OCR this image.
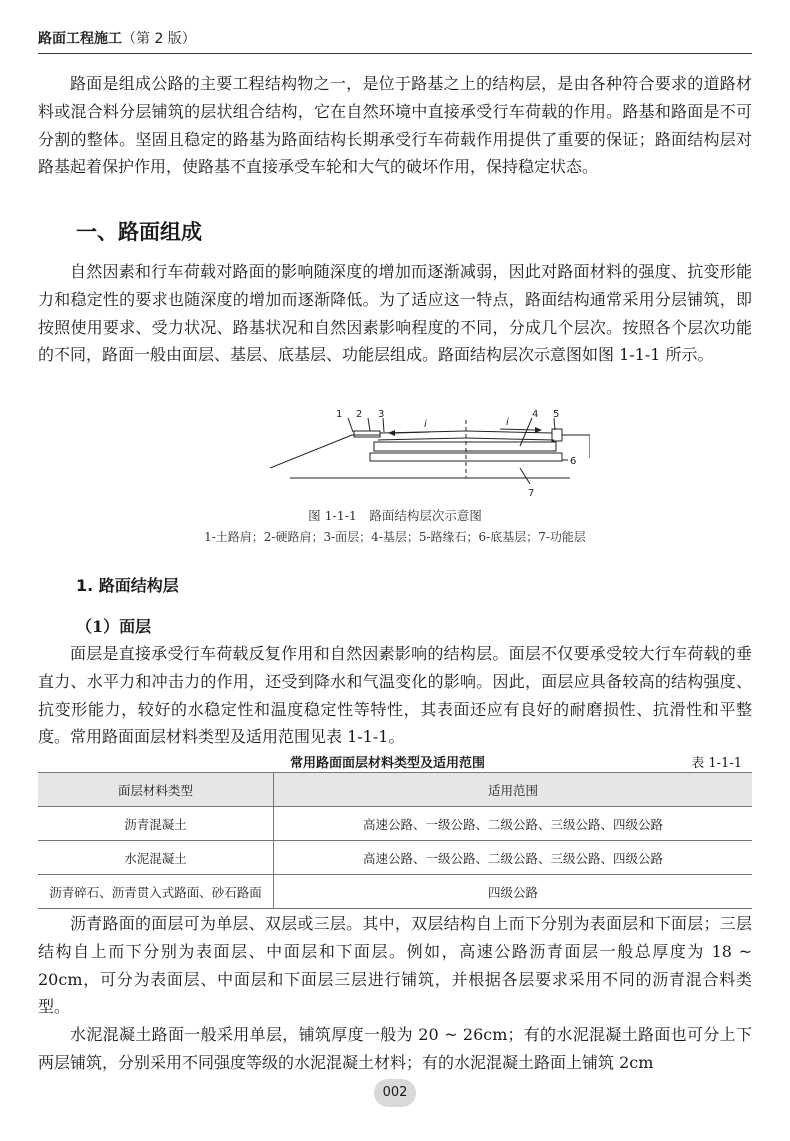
路面工程施工（第 2 版）

路面是组成公路的主要工程结构物之一，是位于路基之上的结构层，是由各种符合要求的道路材料或混合料分层铺筑的层状组合结构，它在自然环境中直接承受行车荷载的作用。路基和路面是不可分割的整体。坚固且稳定的路基为路面结构长期承受行车荷载作用提供了重要的保证；路面结构层对路基起着保护作用，使路基不直接承受车轮和大气的破坏作用，保持稳定状态。

一、路面组成

自然因素和行车荷载对路面的影响随深度的增加而逐渐减弱，因此对路面材料的强度、抗变形能力和稳定性的要求也随深度的增加而逐渐降低。为了适应这一特点，路面结构通常采用分层铺筑，即按照使用要求、受力状况、路基状况和自然因素影响程度的不同，分成几个层次。按照各个层次功能的不同，路面一般由面层、基层、底基层、功能层组成。路面结构层次示意图如图 1-1-1 所示。

1 2 3	4 5
6
7
i	i
图 1-1-1　路面结构层次示意图
1-土路肩；2-硬路肩；3-面层；4-基层；5-路缘石；6-底基层；7-功能层
1. 路面结构层
（1）面层

面层是直接承受行车荷载反复作用和自然因素影响的结构层。面层不仅要承受较大行车荷载的垂直力、水平力和冲击力的作用，还受到降水和气温变化的影响。因此，面层应具备较高的结构强度、抗变形能力，较好的水稳定性和温度稳定性等特性，其表面还应有良好的耐磨损性、抗滑性和平整度。常用路面面层材料类型及适用范围见表 1-1-1。

常用路面面层材料类型及适用范围	表 1-1-1
面层材料类型	适用范围
沥青混凝土	高速公路、一级公路、二级公路、三级公路、四级公路
水泥混凝土	高速公路、一级公路、二级公路、三级公路、四级公路
沥青碎石、沥青贯入式路面、砂石路面	四级公路

沥青路面的面层可为单层、双层或三层。其中，双层结构自上而下分别为表面层和下面层；三层结构自上而下分别为表面层、中面层和下面层。例如，高速公路沥青面层一般总厚度为 18 ~ 20cm，可分为表面层、中面层和下面层三层进行铺筑，并根据各层要求采用不同的沥青混合料类型。

水泥混凝土路面一般采用单层，铺筑厚度一般为 20 ~ 26cm；有的水泥混凝土路面也可分上下两层铺筑，分别采用不同强度等级的水泥混凝土材料；有的水泥混凝土路面上铺筑 2cm

002
